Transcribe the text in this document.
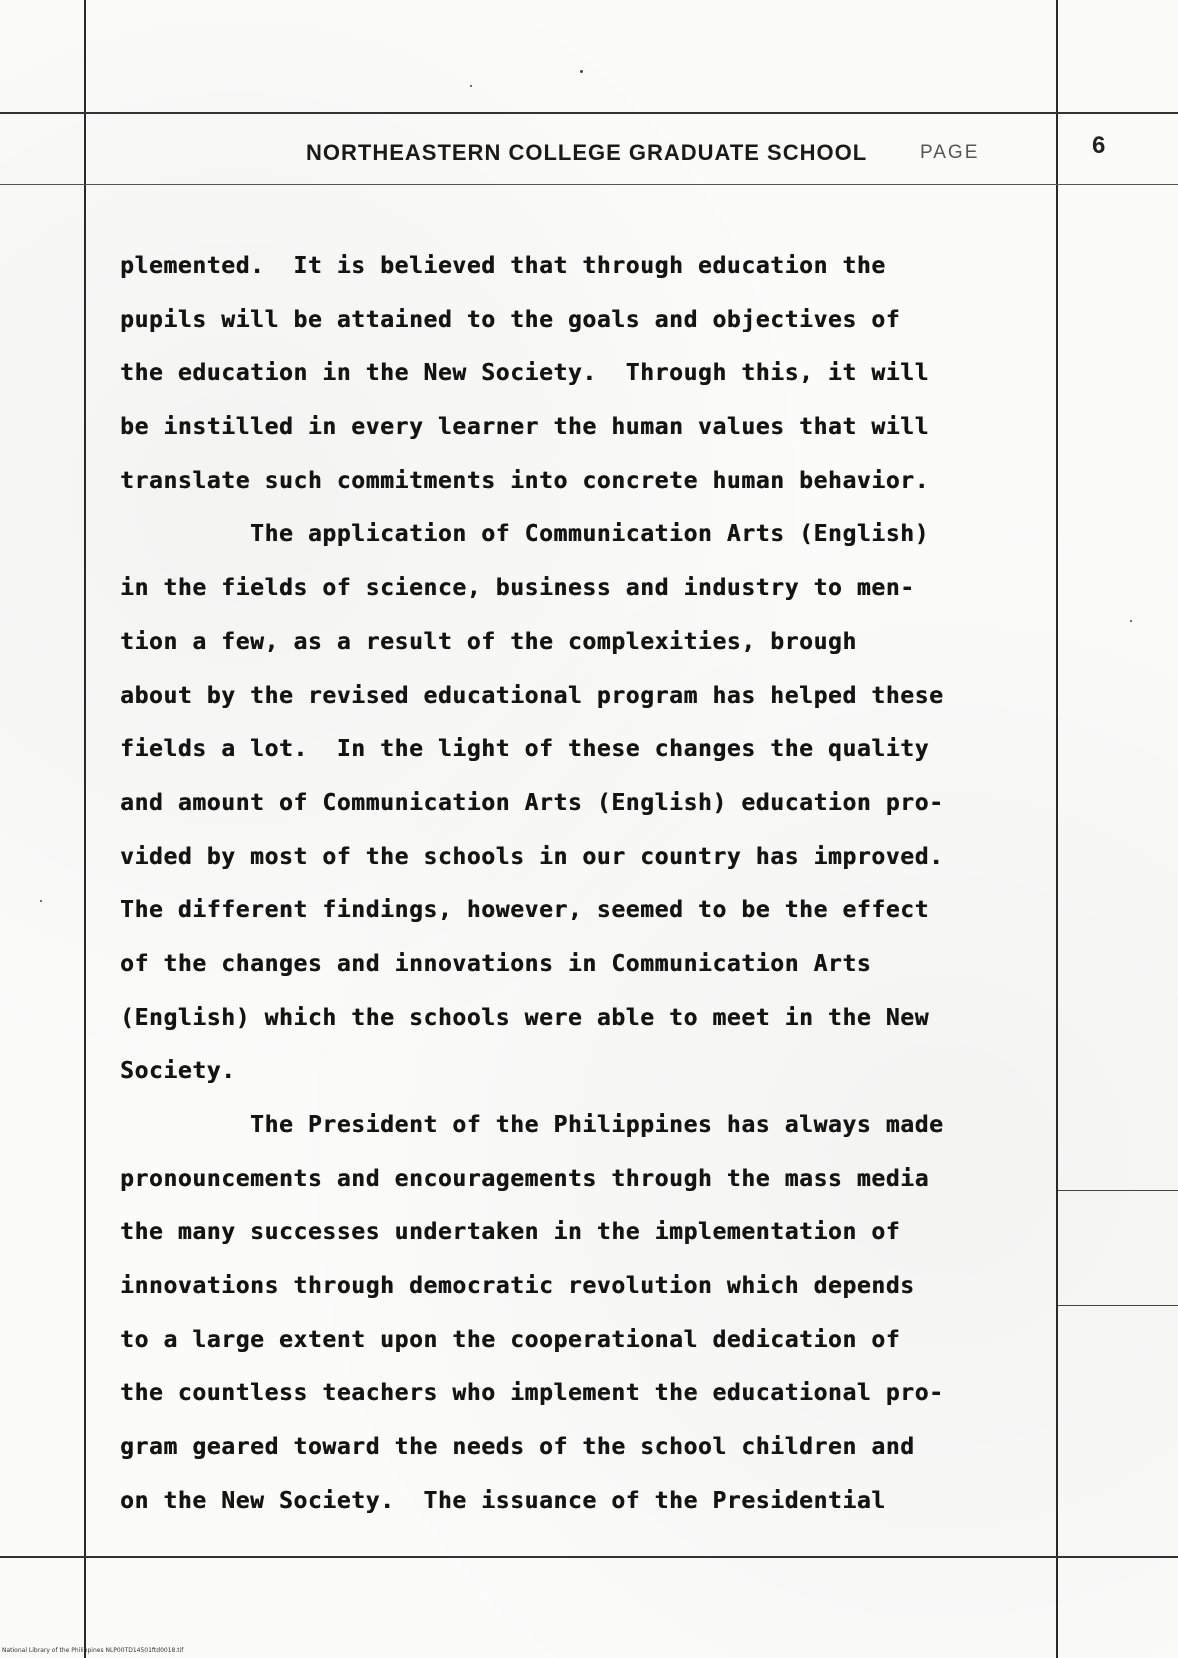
NORTHEASTERN COLLEGE GRADUATE SCHOOL	PAGE	6
plemented.  It is believed that through education the
pupils will be attained to the goals and objectives of
the education in the New Society.  Through this, it will
be instilled in every learner the human values that will
translate such commitments into concrete human behavior.
The application of Communication Arts (English)
in the fields of science, business and industry to men-
tion a few, as a result of the complexities, brough
about by the revised educational program has helped these
fields a lot.  In the light of these changes the quality
and amount of Communication Arts (English) education pro-
vided by most of the schools in our country has improved.
The different findings, however, seemed to be the effect
of the changes and innovations in Communication Arts
(English) which the schools were able to meet in the New
Society.
The President of the Philippines has always made
pronouncements and encouragements through the mass media
the many successes undertaken in the implementation of
innovations through democratic revolution which depends
to a large extent upon the cooperational dedication of
the countless teachers who implement the educational pro-
gram geared toward the needs of the school children and
on the New Society.  The issuance of the Presidential
National Library of the Philippines NLP00TD14501ftd0018.tif
